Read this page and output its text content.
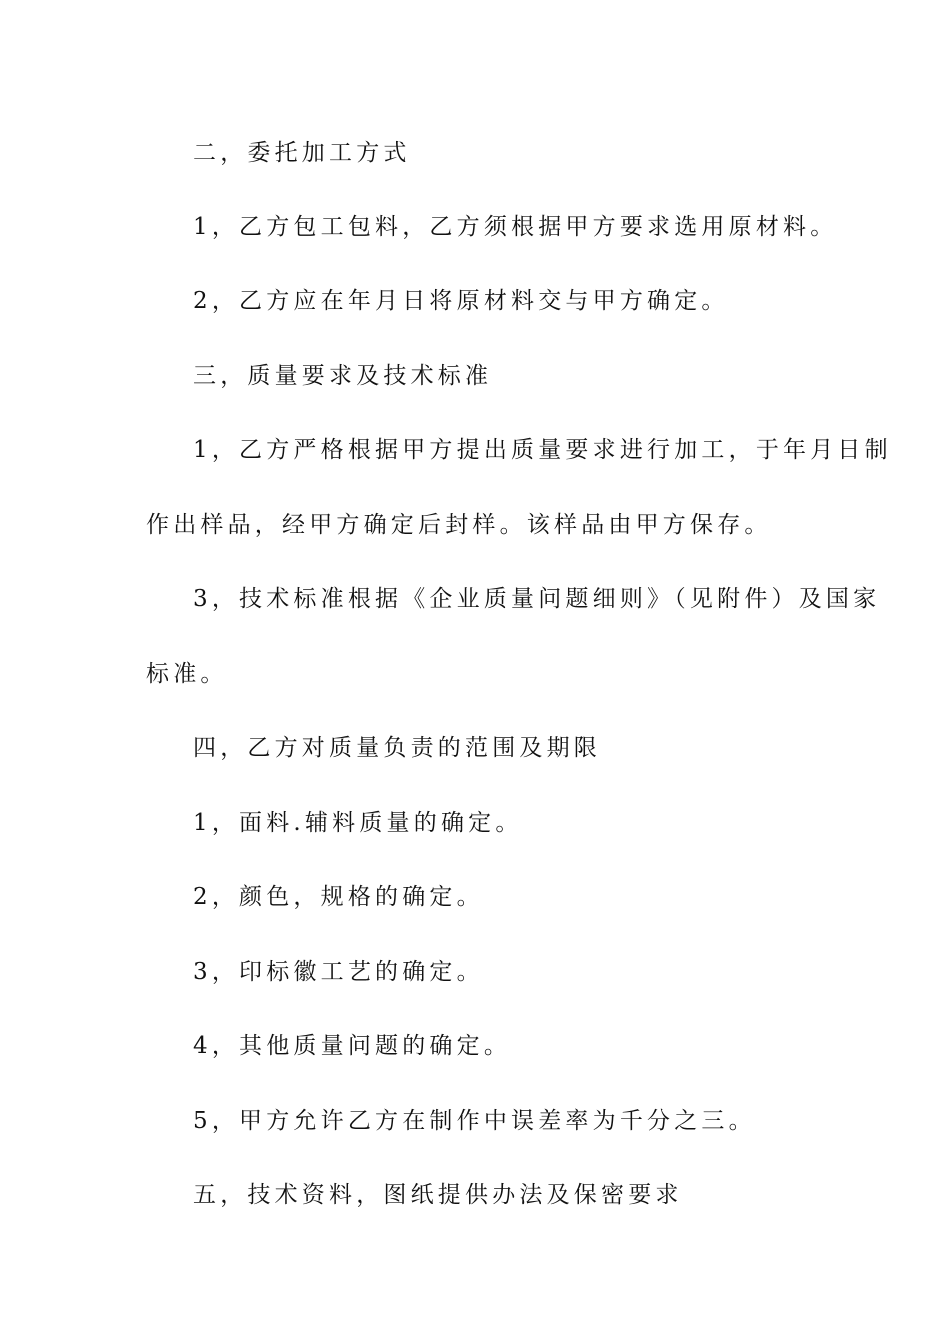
二，委托加工方式

1，乙方包工包料，乙方须根据甲方要求选用原材料。

2，乙方应在年月日将原材料交与甲方确定。

三，质量要求及技术标准

1，乙方严格根据甲方提出质量要求进行加工，于年月日制

作出样品，经甲方确定后封样。该样品由甲方保存。

3，技术标准根据《企业质量问题细则》（见附件）及国家

标准。

四，乙方对质量负责的范围及期限

1，面料.辅料质量的确定。

2，颜色，规格的确定。

3，印标徽工艺的确定。

4，其他质量问题的确定。

5，甲方允许乙方在制作中误差率为千分之三。

五，技术资料，图纸提供办法及保密要求
